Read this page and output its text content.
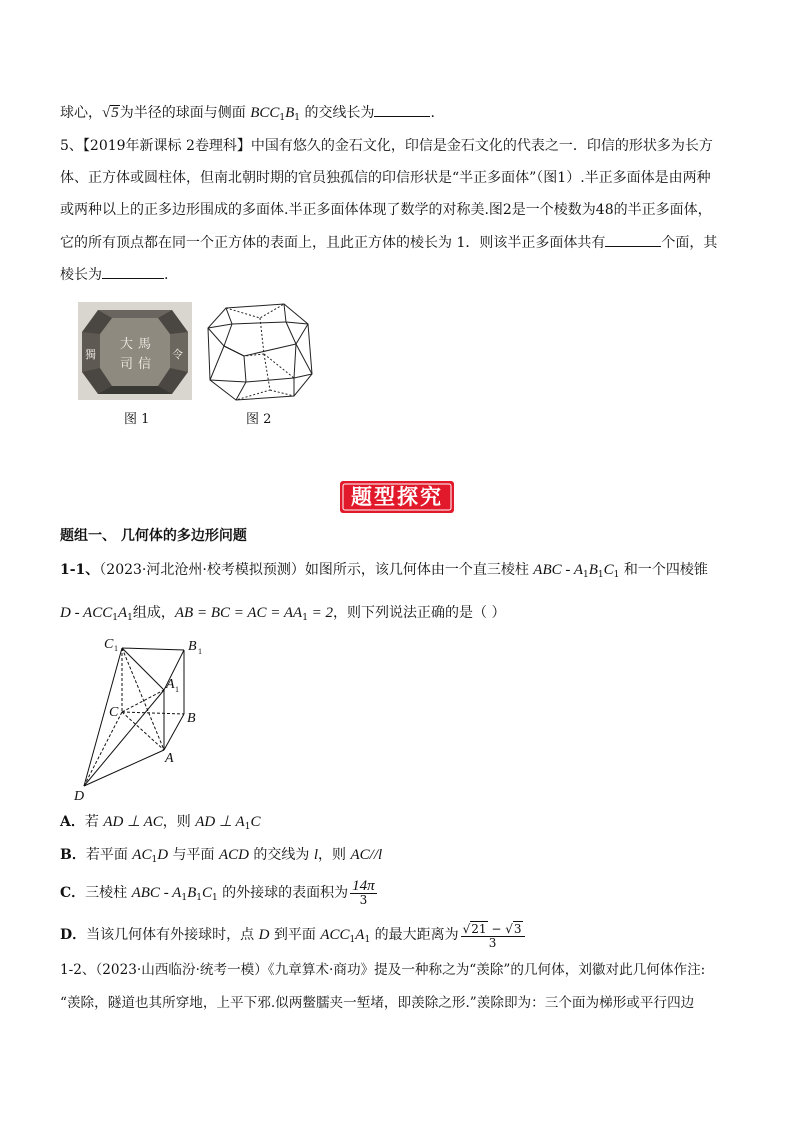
球心，√5为半径的球面与侧面 $BCC_1B_1$ 的交线长为	.
5、【2019年新课标 2卷理科】中国有悠久的金石文化，印信是金石文化的代表之一．印信的形状多为长方
体、正方体或圆柱体，但南北朝时期的官员独孤信的印信形状是“半正多面体”（图1）.半正多面体是由两种
或两种以上的正多边形围成的多面体.半正多面体体现了数学的对称美.图2是一个棱数为48的半正多面体，
它的所有顶点都在同一个正方体的表面上，且此正方体的棱长为 1．则该半正多面体共有	个面，其
棱长为	.
大
司
馬
信
令
獨
图 1	图 2
题型探究
题组一、 几何体的多边形问题
1-1、（2023·河北沧州·校考模拟预测）如图所示，该几何体由一个直三棱柱 ABC - $A_1B_1C_1$ 和一个四棱锥
D - $ACC_1A_1$组成，AB = BC = AC = $AA_1 = 2$，则下列说法正确的是（ ）
C 1	B 1
A 1
C	B
A
D
A．若 AD ⊥ AC，则 AD ⊥ $A_1C$
B．若平面 $AC_1D$ 与平面 ACD 的交线为 l，则 AC//l
C．三棱柱 ABC - $A_1B_1C_1$ 的外接球的表面积为 $\frac{14\pi}{3}$
D．当该几何体有外接球时，点 D 到平面 $ACC_1A_1$ 的最大距离为 $\frac{√21 - √3}{3}$
1-2、（2023·山西临汾·统考一模）《九章算术·商功》提及一种称之为“羡除”的几何体，刘徽对此几何体作注:
“羡除，隧道也其所穿地，上平下邪.似两鳖臑夹一堑堵，即羡除之形.”羡除即为：三个面为梯形或平行四边
